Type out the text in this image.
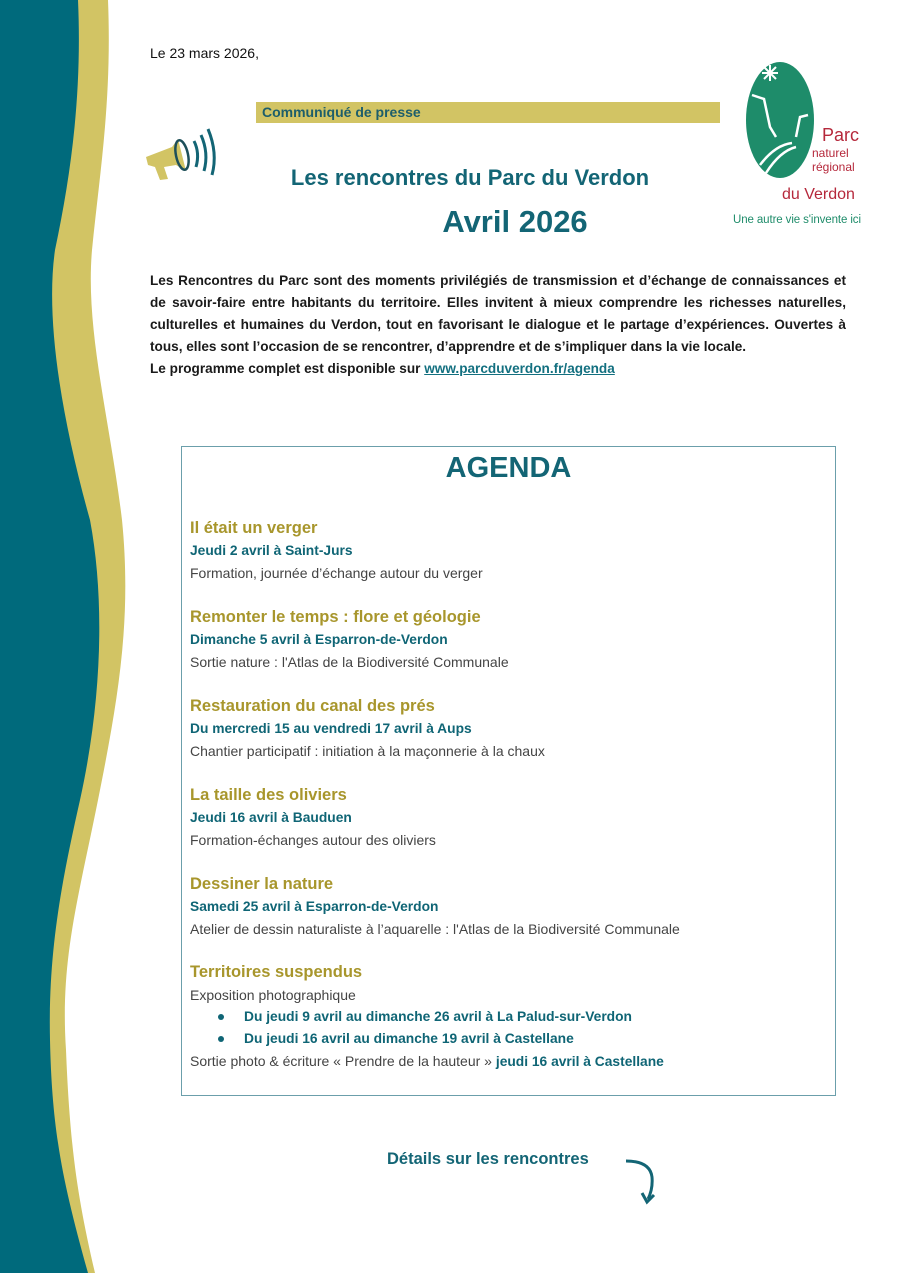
Le 23 mars 2026,
Communiqué de presse
Les rencontres du Parc du Verdon
Avril 2026
Parc
naturel
régional
du Verdon
Une autre vie s'invente ici

Les Rencontres du Parc sont des moments privilégiés de transmission et d’échange de connaissances et de savoir-faire entre habitants du territoire. Elles invitent à mieux comprendre les richesses naturelles, culturelles et humaines du Verdon, tout en favorisant le dialogue et le partage d’expériences. Ouvertes à tous, elles sont l’occasion de se rencontrer, d’apprendre et de s’impliquer dans la vie locale.

Le programme complet est disponible sur www.parcduverdon.fr/agenda

AGENDA
Il était un verger
Jeudi 2 avril à Saint-Jurs
Formation, journée d’échange autour du verger
Remonter le temps : flore et géologie
Dimanche 5 avril à Esparron-de-Verdon
Sortie nature : l'Atlas de la Biodiversité Communale
Restauration du canal des prés
Du mercredi 15 au vendredi 17 avril à Aups
Chantier participatif : initiation à la maçonnerie à la chaux
La taille des oliviers
Jeudi 16 avril à Bauduen
Formation-échanges autour des oliviers
Dessiner la nature
Samedi 25 avril à Esparron-de-Verdon
Atelier de dessin naturaliste à l’aquarelle : l'Atlas de la Biodiversité Communale
Territoires suspendus
Exposition photographique
Du jeudi 9 avril au dimanche 26 avril à La Palud-sur-Verdon
Du jeudi 16 avril au dimanche 19 avril à Castellane
Sortie photo & écriture « Prendre de la hauteur » jeudi 16 avril à Castellane
Détails sur les rencontres
